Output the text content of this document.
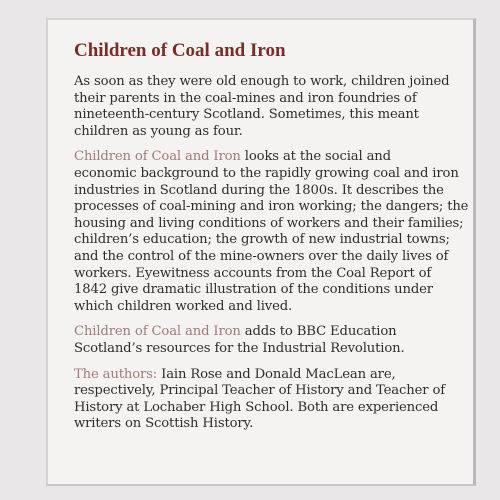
Children of Coal and Iron

As soon as they were old enough to work, children joined
their parents in the coal-mines and iron foundries of
nineteenth-century Scotland. Sometimes, this meant
children as young as four.

Children of Coal and Iron looks at the social and
economic background to the rapidly growing coal and iron
industries in Scotland during the 1800s. It describes the
processes of coal-mining and iron working; the dangers; the
housing and living conditions of workers and their families;
children’s education; the growth of new industrial towns;
and the control of the mine-owners over the daily lives of
workers. Eyewitness accounts from the Coal Report of
1842 give dramatic illustration of the conditions under
which children worked and lived.

Children of Coal and Iron adds to BBC Education
Scotland’s resources for the Industrial Revolution.

The authors: Iain Rose and Donald MacLean are,
respectively, Principal Teacher of History and Teacher of
History at Lochaber High School. Both are experienced
writers on Scottish History.
